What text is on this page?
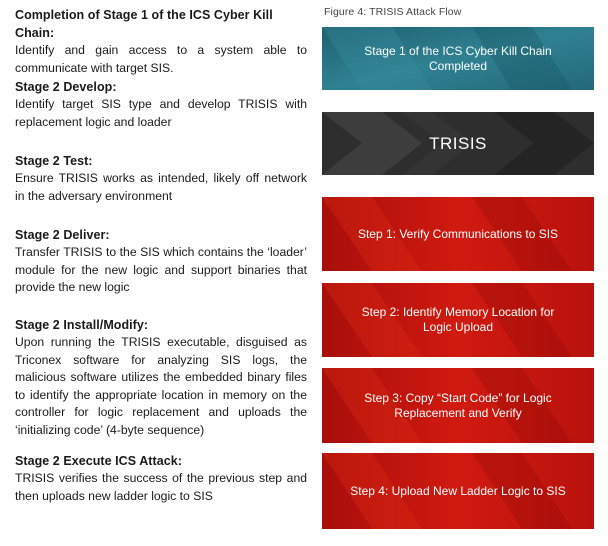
Completion of Stage 1 of the ICS Cyber Kill Chain:

Identify and gain access to a system able to communicate with target SIS.

Stage 2 Develop:

Identify target SIS type and develop TRISIS with replacement logic and loader

Stage 2 Test:

Ensure TRISIS works as intended, likely off network in the adversary environment

Stage 2 Deliver:

Transfer TRISIS to the SIS which contains the ‘loader’ module for the new logic and support binaries that provide the new logic

Stage 2 Install/Modify:

Upon running the TRISIS executable, disguised as Triconex software for analyzing SIS logs, the malicious software utilizes the embedded binary files to identify the appropriate location in memory on the controller for logic replacement and uploads the ‘initializing code’ (4-byte sequence)

Stage 2 Execute ICS Attack:

TRISIS verifies the success of the previous step and then uploads new ladder logic to SIS

Figure 4: TRISIS Attack Flow
Stage 1 of the ICS Cyber Kill Chain Completed
TRISIS
Step 1: Verify Communications to SIS
Step 2: Identify Memory Location for Logic Upload
Step 3: Copy “Start Code” for Logic Replacement and Verify
Step 4: Upload New Ladder Logic to SIS
